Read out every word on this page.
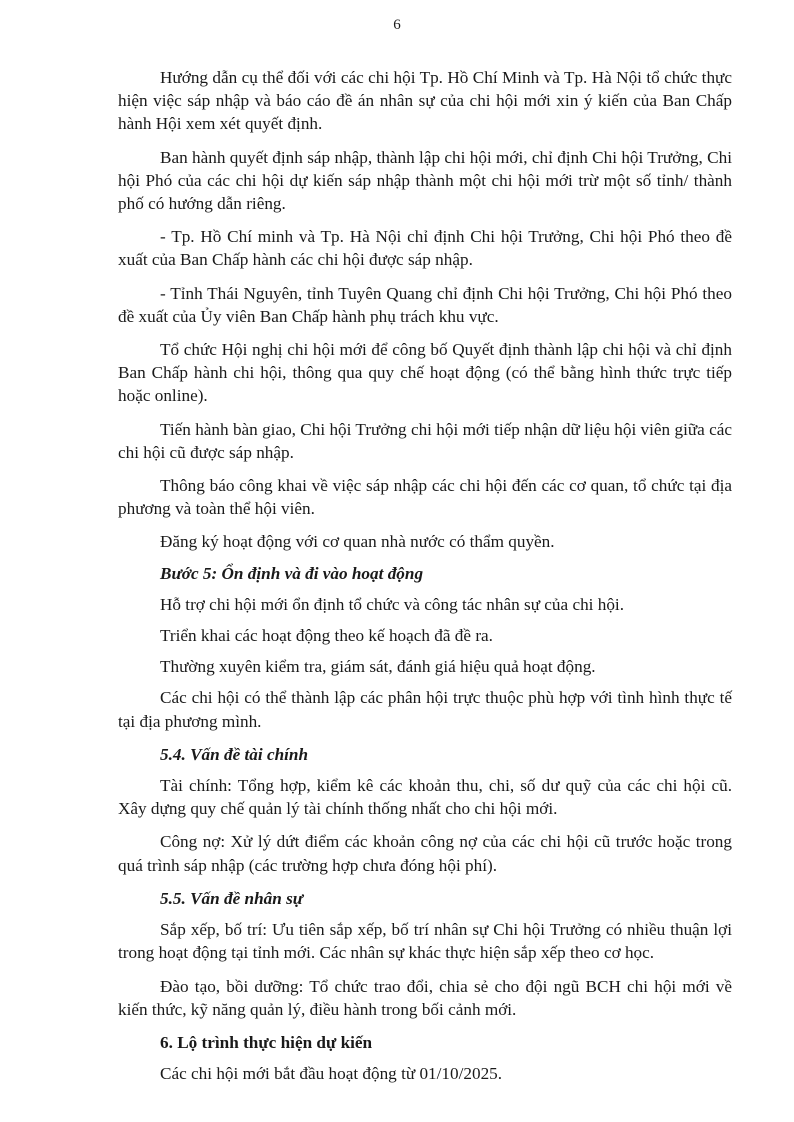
6

Hướng dẫn cụ thể đối với các chi hội Tp. Hồ Chí Minh và Tp. Hà Nội tổ chức thực hiện việc sáp nhập và báo cáo đề án nhân sự của chi hội mới xin ý kiến của Ban Chấp hành Hội xem xét quyết định.

Ban hành quyết định sáp nhập, thành lập chi hội mới, chỉ định Chi hội Trưởng, Chi hội Phó của các chi hội dự kiến sáp nhập thành một chi hội mới trừ một số tỉnh/ thành phố có hướng dẫn riêng.

- Tp. Hồ Chí minh và Tp. Hà Nội chỉ định Chi hội Trưởng, Chi hội Phó theo đề xuất của Ban Chấp hành các chi hội được sáp nhập.

- Tỉnh Thái Nguyên, tỉnh Tuyên Quang chỉ định Chi hội Trưởng, Chi hội Phó theo đề xuất của Ủy viên Ban Chấp hành phụ trách khu vực.

Tổ chức Hội nghị chi hội mới để công bố Quyết định thành lập chi hội và chỉ định Ban Chấp hành chi hội, thông qua quy chế hoạt động (có thể bằng hình thức trực tiếp hoặc online).

Tiến hành bàn giao, Chi hội Trưởng chi hội mới tiếp nhận dữ liệu hội viên giữa các chi hội cũ được sáp nhập.

Thông báo công khai về việc sáp nhập các chi hội đến các cơ quan, tổ chức tại địa phương và toàn thể hội viên.

Đăng ký hoạt động với cơ quan nhà nước có thẩm quyền.

Bước 5: Ổn định và đi vào hoạt động

Hỗ trợ chi hội mới ổn định tổ chức và công tác nhân sự của chi hội.

Triển khai các hoạt động theo kế hoạch đã đề ra.

Thường xuyên kiểm tra, giám sát, đánh giá hiệu quả hoạt động.

Các chi hội có thể thành lập các phân hội trực thuộc phù hợp với tình hình thực tế tại địa phương mình.

5.4. Vấn đề tài chính

Tài chính: Tổng hợp, kiểm kê các khoản thu, chi, số dư quỹ của các chi hội cũ. Xây dựng quy chế quản lý tài chính thống nhất cho chi hội mới.

Công nợ: Xử lý dứt điểm các khoản công nợ của các chi hội cũ trước hoặc trong quá trình sáp nhập (các trường hợp chưa đóng hội phí).

5.5. Vấn đề nhân sự

Sắp xếp, bố trí: Ưu tiên sắp xếp, bố trí nhân sự Chi hội Trưởng có nhiều thuận lợi trong hoạt động tại tỉnh mới. Các nhân sự khác thực hiện sắp xếp theo cơ học.

Đào tạo, bồi dưỡng: Tổ chức trao đổi, chia sẻ cho đội ngũ BCH chi hội mới về kiến thức, kỹ năng quản lý, điều hành trong bối cảnh mới.

6. Lộ trình thực hiện dự kiến

Các chi hội mới bắt đầu hoạt động từ 01/10/2025.
